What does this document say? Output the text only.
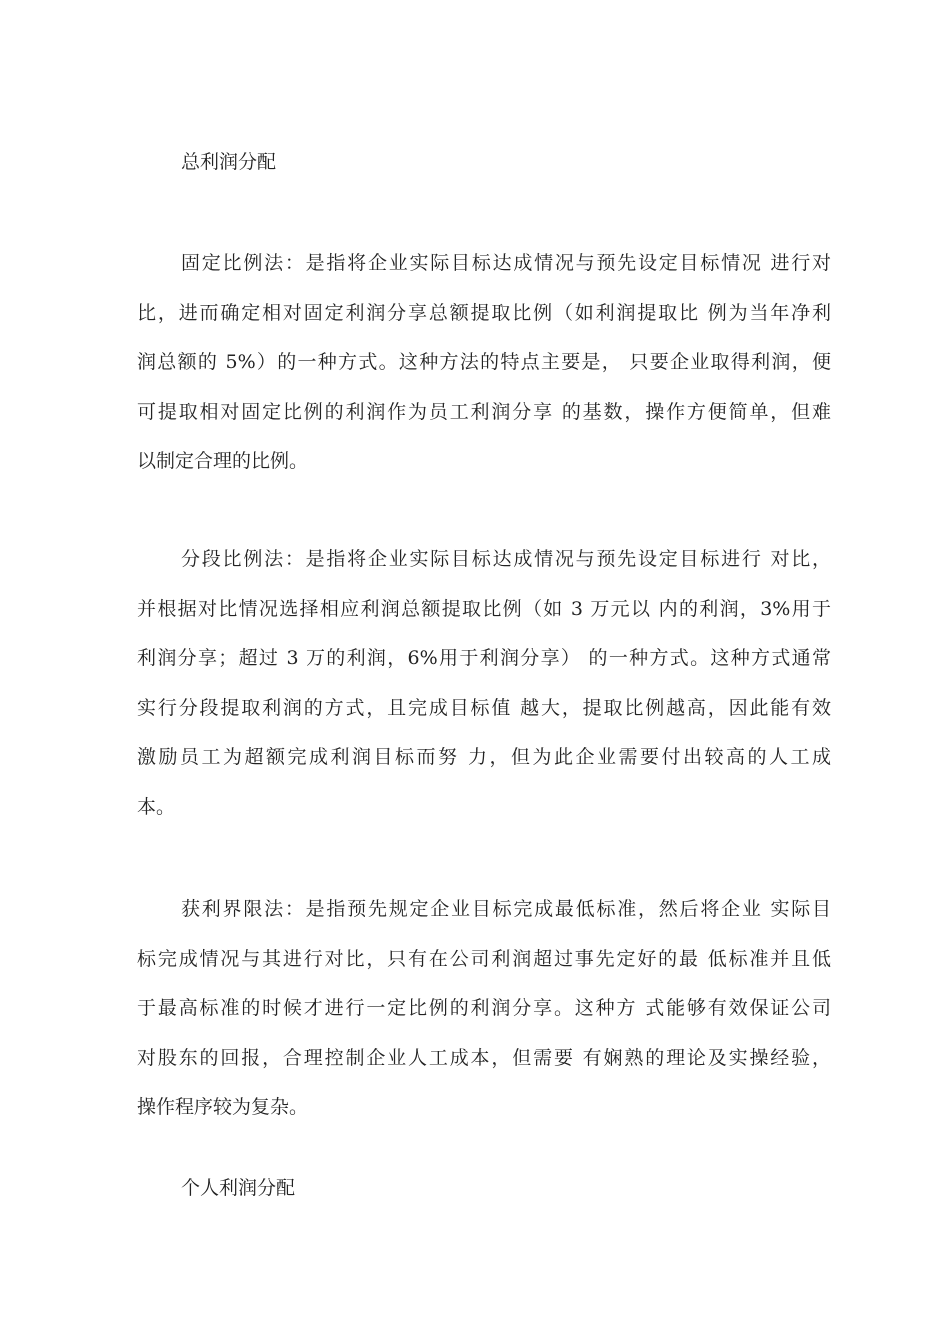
总利润分配
固定比例法：是指将企业实际目标达成情况与预先设定目标情况 进行对
比，进而确定相对固定利润分享总额提取比例（如利润提取比 例为当年净利
润总额的 5%）的一种方式。这种方法的特点主要是， 只要企业取得利润，便
可提取相对固定比例的利润作为员工利润分享 的基数，操作方便简单，但难
以制定合理的比例。
分段比例法：是指将企业实际目标达成情况与预先设定目标进行 对比，
并根据对比情况选择相应利润总额提取比例（如 3 万元以 内的利润，3%用于
利润分享；超过 3 万的利润，6%用于利润分享） 的一种方式。这种方式通常
实行分段提取利润的方式，且完成目标值 越大，提取比例越高，因此能有效
激励员工为超额完成利润目标而努 力，但为此企业需要付出较高的人工成
本。
获利界限法：是指预先规定企业目标完成最低标准，然后将企业 实际目
标完成情况与其进行对比，只有在公司利润超过事先定好的最 低标准并且低
于最高标准的时候才进行一定比例的利润分享。这种方 式能够有效保证公司
对股东的回报，合理控制企业人工成本，但需要 有娴熟的理论及实操经验，
操作程序较为复杂。
个人利润分配
